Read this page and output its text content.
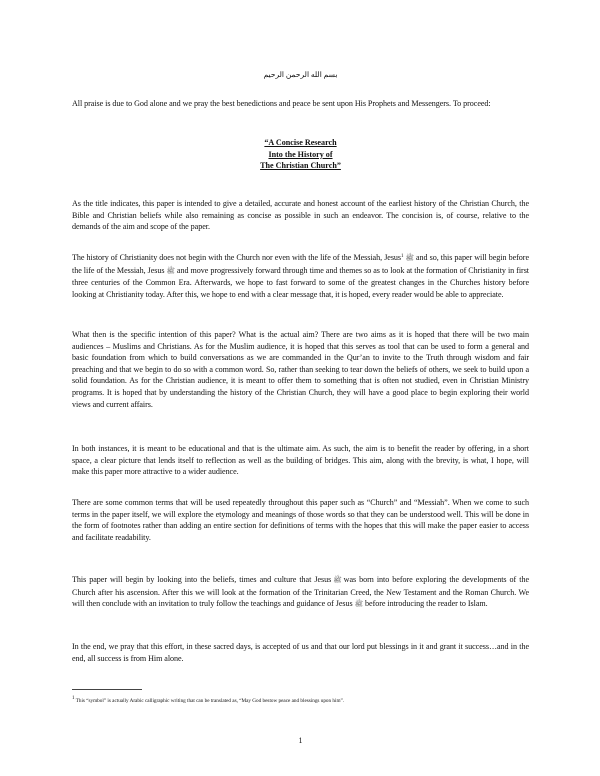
بسم الله الرحمن الرحيم

All praise is due to God alone and we pray the best benedictions and peace be sent upon His Prophets and Messengers. To proceed:

“A Concise Research
Into the History of
The Christian Church”

As the title indicates, this paper is intended to give a detailed, accurate and honest account of the earliest history of the Christian Church, the Bible and Christian beliefs while also remaining as concise as possible in such an endeavor. The concision is, of course, relative to the demands of the aim and scope of the paper.

The history of Christianity does not begin with the Church nor even with the life of the Messiah, Jesus$^1$ ﷺ and so, this paper will begin before the life of the Messiah, Jesus ﷺ and move progressively forward through time and themes so as to look at the formation of Christianity in first three centuries of the Common Era. Afterwards, we hope to fast forward to some of the greatest changes in the Churches history before looking at Christianity today. After this, we hope to end with a clear message that, it is hoped, every reader would be able to appreciate.

What then is the specific intention of this paper? What is the actual aim? There are two aims as it is hoped that there will be two main audiences – Muslims and Christians. As for the Muslim audience, it is hoped that this serves as tool that can be used to form a general and basic foundation from which to build conversations as we are commanded in the Qur’an to invite to the Truth through wisdom and fair preaching and that we begin to do so with a common word. So, rather than seeking to tear down the beliefs of others, we seek to build upon a solid foundation. As for the Christian audience, it is meant to offer them to something that is often not studied, even in Christian Ministry programs. It is hoped that by understanding the history of the Christian Church, they will have a good place to begin exploring their world views and current affairs.

In both instances, it is meant to be educational and that is the ultimate aim. As such, the aim is to benefit the reader by offering, in a short space, a clear picture that lends itself to reflection as well as the building of bridges. This aim, along with the brevity, is what, I hope, will make this paper more attractive to a wider audience.

There are some common terms that will be used repeatedly throughout this paper such as “Church” and “Messiah”. When we come to such terms in the paper itself, we will explore the etymology and meanings of those words so that they can be understood well. This will be done in the form of footnotes rather than adding an entire section for definitions of terms with the hopes that this will make the paper easier to access and facilitate readability.

This paper will begin by looking into the beliefs, times and culture that Jesus ﷺ was born into before exploring the developments of the Church after his ascension. After this we will look at the formation of the Trinitarian Creed, the New Testament and the Roman Church. We will then conclude with an invitation to truly follow the teachings and guidance of Jesus ﷺ before introducing the reader to Islam.

In the end, we pray that this effort, in these sacred days, is accepted of us and that our lord put blessings in it and grant it success…and in the end, all success is from Him alone.

$^1$ This “symbol” is actually Arabic calligraphic writing that can be translated as, “May God bestow peace and blessings upon him”.
1
